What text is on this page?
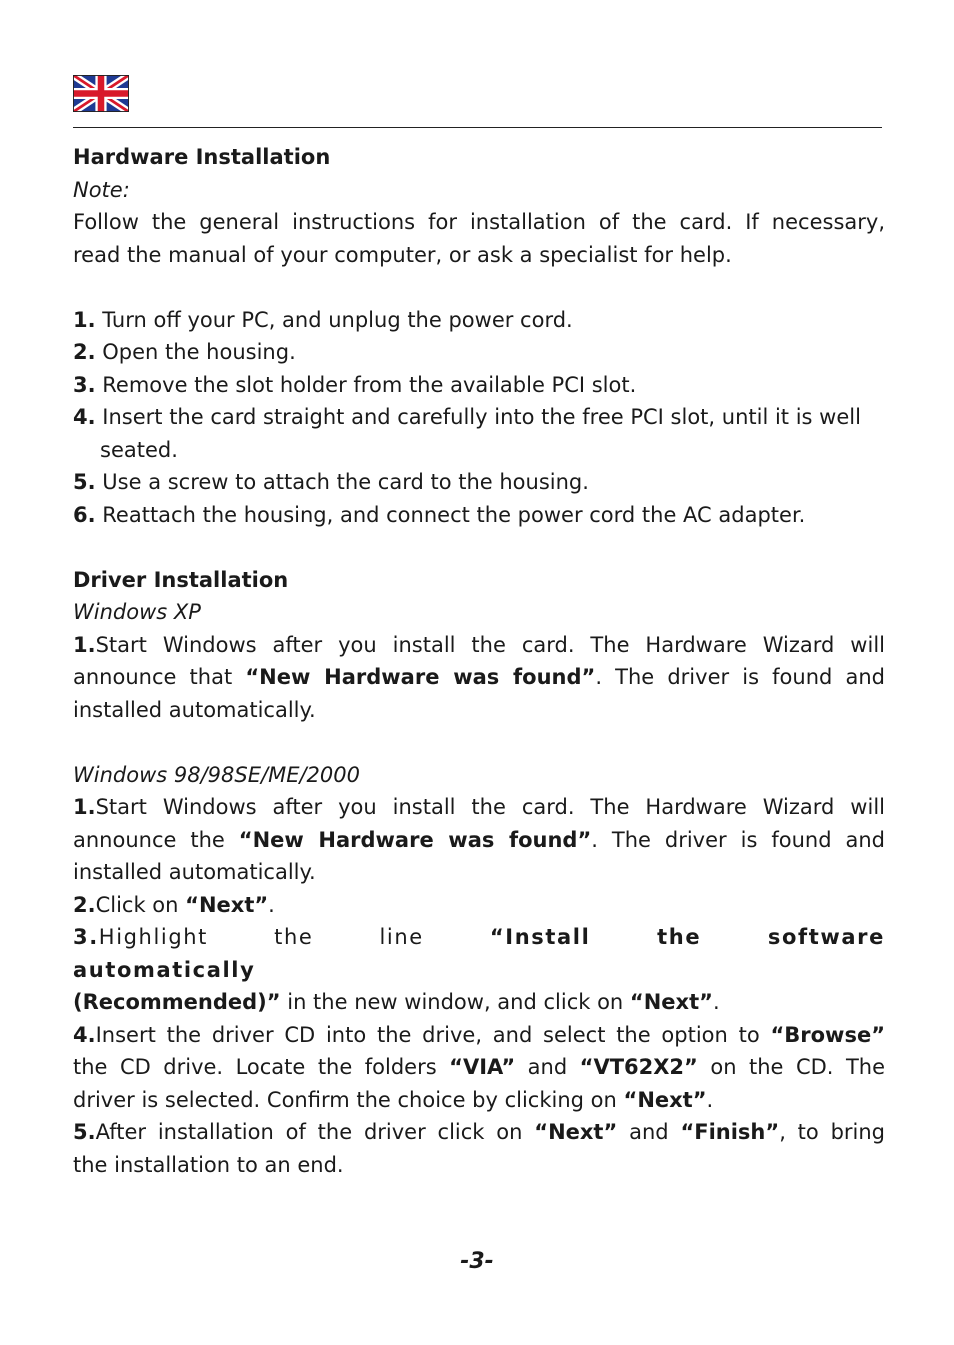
Hardware Installation

Note:

Follow the general instructions for installation of the card. If necessary,

read the manual of your computer, or ask a specialist for help.

1. Turn off your PC, and unplug the power cord.

2. Open the housing.

3. Remove the slot holder from the available PCI slot.

4. Insert the card straight and carefully into the free PCI slot, until it is well

seated.

5. Use a screw to attach the card to the housing.

6. Reattach the housing, and connect the power cord the AC adapter.

Driver Installation

Windows XP

1.Start Windows after you install the card. The Hardware Wizard will

announce that “New Hardware was found”. The driver is found and

installed automatically.

Windows 98/98SE/ME/2000

1.Start Windows after you install the card. The Hardware Wizard will

announce the “New Hardware was found”. The driver is found and

installed automatically.

2.Click on “Next”.

3.Highlight the line “Install the software automatically

(Recommended)” in the new window, and click on “Next”.

4.Insert the driver CD into the drive, and select the option to “Browse”

the CD drive. Locate the folders “VIA” and “VT62X2” on the CD. The

driver is selected. Confirm the choice by clicking on “Next”.

5.After installation of the driver click on “Next” and “Finish”, to bring

the installation to an end.

-3-
